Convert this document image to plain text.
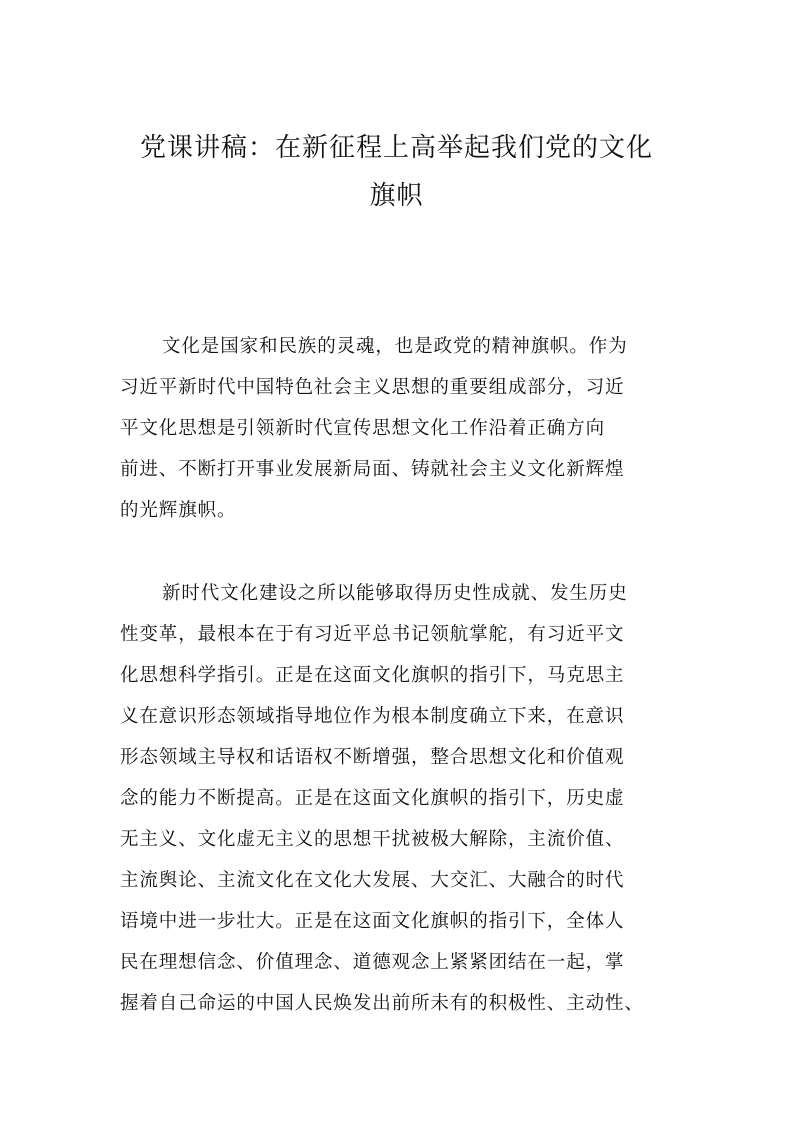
党课讲稿：在新征程上高举起我们党的文化
旗帜

文化是国家和民族的灵魂，也是政党的精神旗帜。作为
习近平新时代中国特色社会主义思想的重要组成部分，习近
平文化思想是引领新时代宣传思想文化工作沿着正确方向
前进、不断打开事业发展新局面、铸就社会主义文化新辉煌
的光辉旗帜。

新时代文化建设之所以能够取得历史性成就、发生历史
性变革，最根本在于有习近平总书记领航掌舵，有习近平文
化思想科学指引。正是在这面文化旗帜的指引下，马克思主
义在意识形态领域指导地位作为根本制度确立下来，在意识
形态领域主导权和话语权不断增强，整合思想文化和价值观
念的能力不断提高。正是在这面文化旗帜的指引下，历史虚
无主义、文化虚无主义的思想干扰被极大解除，主流价值、
主流舆论、主流文化在文化大发展、大交汇、大融合的时代
语境中进一步壮大。正是在这面文化旗帜的指引下，全体人
民在理想信念、价值理念、道德观念上紧紧团结在一起，掌
握着自己命运的中国人民焕发出前所未有的积极性、主动性、
